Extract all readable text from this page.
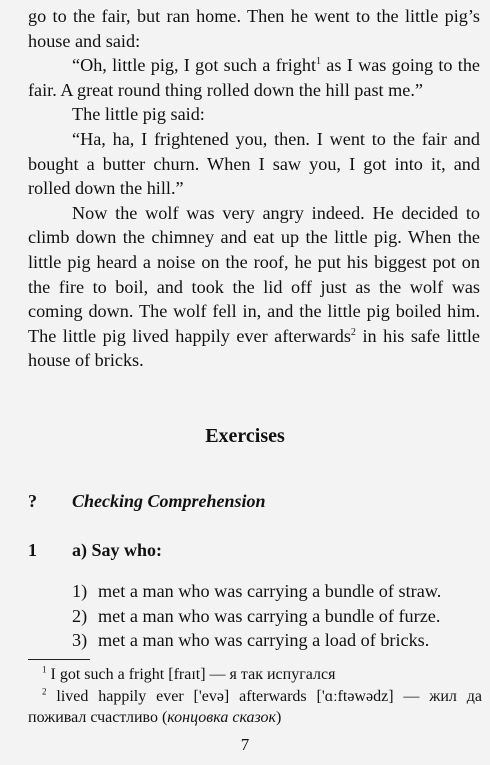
go to the fair, but ran home. Then he went to the little pig’s house and said:

“Oh, little pig, I got such a fright$^1$ as I was going to the fair. A great round thing rolled down the hill past me.”

The little pig said:

“Ha, ha, I frightened you, then. I went to the fair and bought a butter churn. When I saw you, I got into it, and rolled down the hill.”

Now the wolf was very angry indeed. He decided to climb down the chimney and eat up the little pig. When the little pig heard a noise on the roof, he put his biggest pot on the fire to boil, and took the lid off just as the wolf was coming down. The wolf fell in, and the little pig boiled him. The little pig lived happily ever afterwards$^2$ in his safe little house of bricks.

Exercises
? Checking Comprehension
1 a) Say who:
1) met a man who was carrying a bundle of straw.
2) met a man who was carrying a bundle of furze.
3) met a man who was carrying a load of bricks.
$^1$ I got such a fright [fraɪt] — я так испугался
$^2$ lived happily ever ['evə] afterwards ['ɑːftəwədz] — жил да поживал счастливо (концовка сказок)
7
